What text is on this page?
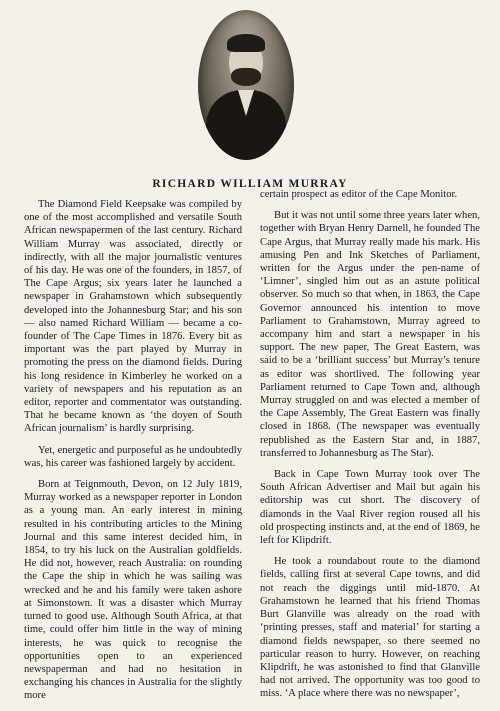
RICHARD WILLIAM MURRAY

The Diamond Field Keepsake was compiled by one of the most accomplished and versatile South African newspapermen of the last century. Richard William Murray was associated, directly or indirectly, with all the major journalistic ventures of his day. He was one of the founders, in 1857, of The Cape Argus; six years later he launched a newspaper in Grahamstown which subsequently developed into the Johannesburg Star; and his son — also named Richard William — became a co-founder of The Cape Times in 1876. Every bit as important was the part played by Murray in promoting the press on the diamond fields. During his long residence in Kimberley he worked on a variety of newspapers and his reputation as an editor, reporter and commentator was outstanding. That he became known as ‘the doyen of South African journalism’ is hardly surprising.

Yet, energetic and purposeful as he undoubtedly was, his career was fashioned largely by accident.

Born at Teignmouth, Devon, on 12 July 1819, Murray worked as a newspaper reporter in London as a young man. An early interest in mining resulted in his contributing articles to the Mining Journal and this same interest decided him, in 1854, to try his luck on the Australian goldfields. He did not, however, reach Australia: on rounding the Cape the ship in which he was sailing was wrecked and he and his family were taken ashore at Simonstown. It was a disaster which Murray turned to good use. Although South Africa, at that time, could offer him little in the way of mining interests, he was quick to recognise the opportunities open to an experienced newspaperman and had no hesitation in exchanging his chances in Australia for the slightly more

certain prospect as editor of the Cape Monitor.

But it was not until some three years later when, together with Bryan Henry Darnell, he founded The Cape Argus, that Murray really made his mark. His amusing Pen and Ink Sketches of Parliament, written for the Argus under the pen-name of ‘Limner’, singled him out as an astute political observer. So much so that when, in 1863, the Cape Governor announced his intention to move Parliament to Grahamstown, Murray agreed to accompany him and start a newspaper in his support. The new paper, The Great Eastern, was said to be a ‘brilliant success’ but Murray’s tenure as editor was shortlived. The following year Parliament returned to Cape Town and, although Murray struggled on and was elected a member of the Cape Assembly, The Great Eastern was finally closed in 1868. (The newspaper was eventually republished as the Eastern Star and, in 1887, transferred to Johannesburg as The Star).

Back in Cape Town Murray took over The South African Advertiser and Mail but again his editorship was cut short. The discovery of diamonds in the Vaal River region roused all his old prospecting instincts and, at the end of 1869, he left for Klipdrift.

He took a roundabout route to the diamond fields, calling first at several Cape towns, and did not reach the diggings until mid-1870. At Grahamstown he learned that his friend Thomas Burt Glanville was already on the road with ‘printing presses, staff and material’ for starting a diamond fields newspaper, so there seemed no particular reason to hurry. However, on reaching Klipdrift, he was astonished to find that Glanville had not arrived. The opportunity was too good to miss. ‘A place where there was no newspaper’,
